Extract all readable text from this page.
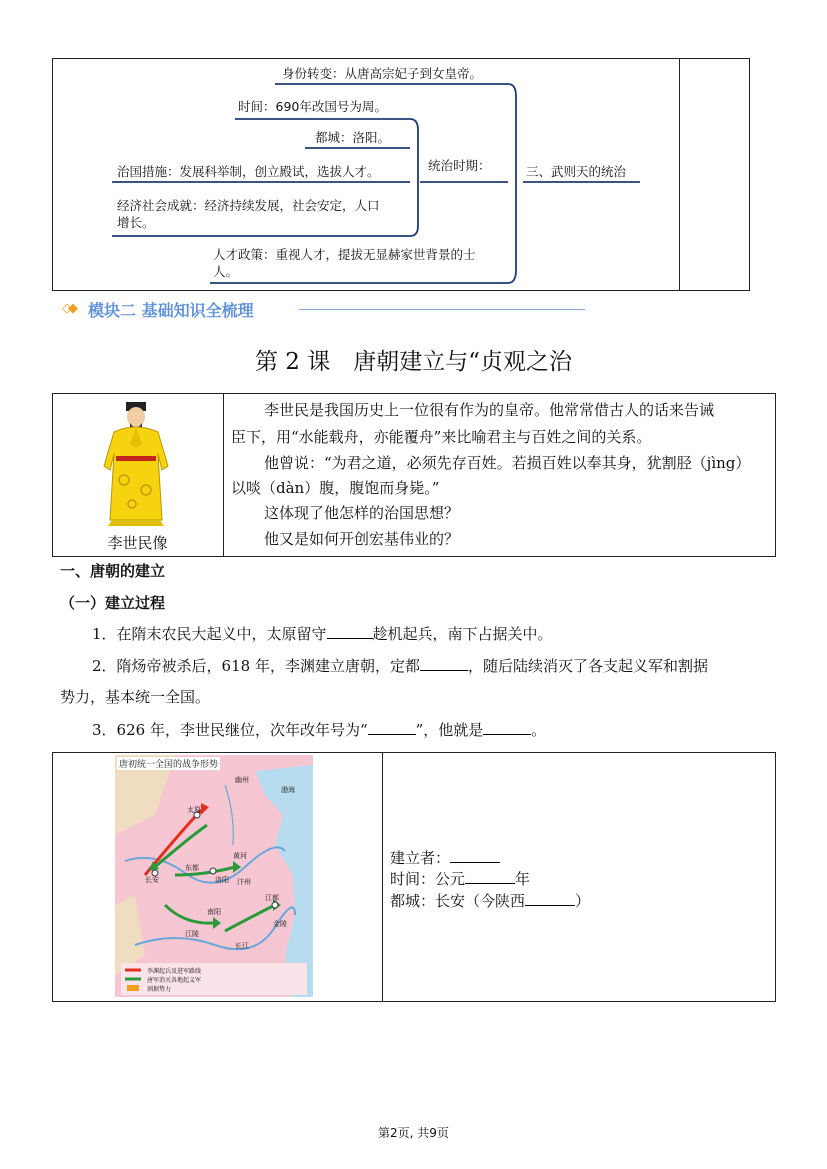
身份转变：从唐高宗妃子到女皇帝。
时间：690年改国号为周。
都城：洛阳。
治国措施：发展科举制，创立殿试，选拔人才。
经济社会成就：经济持续发展，社会安定，人口
增长。
人才政策：重视人才，提拔无显赫家世背景的士
人。
统治时期：	三、武则天的统治
◇◆ 模块二 基础知识全梳理
第 2 课　唐朝建立与“贞观之治
李世民像
李世民是我国历史上一位很有作为的皇帝。他常常借古人的话来告诫
臣下，用“水能载舟，亦能覆舟”来比喻君主与百姓之间的关系。
他曾说：“为君之道，必须先存百姓。若损百姓以奉其身，犹割胫（jìng）
以啖（dàn）腹，腹饱而身毙。”
这体现了他怎样的治国思想？
他又是如何开创宏基伟业的？
一、唐朝的建立
（一）建立过程
1．在隋末农民大起义中，太原留守	趁机起兵，南下占据关中。
2．隋炀帝被杀后，618 年，李渊建立唐朝，定都	，随后陆续消灭了各支起义军和割据
势力，基本统一全国。
3．626 年，李世民继位，次年改年号为“	”，他就是	。
唐初统一全国的战争形势
太原
长安
东都
洛阳
江都
南阳
江陵
长江
黄河
渤海
幽州
汴州
金陵
李渊起兵及进军路线
唐军消灭各地起义军
割据势力
建立者：
时间：公元	年
都城：长安（今陕西	）
第2页, 共9页
